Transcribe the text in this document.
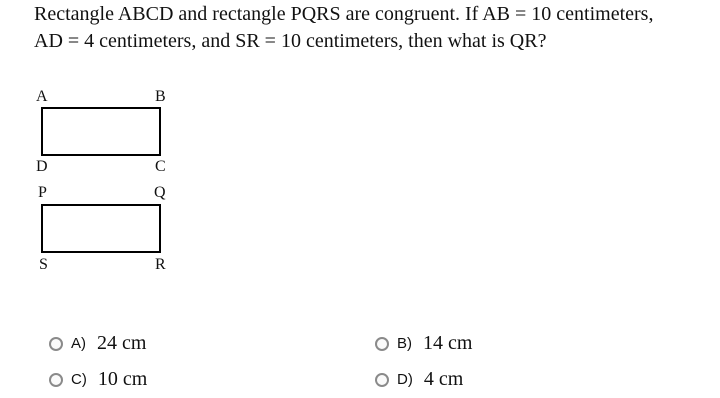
Rectangle ABCD and rectangle PQRS are congruent. If AB = 10 centimeters, AD = 4 centimeters, and SR = 10 centimeters, then what is QR?
A	B
D	C
P	Q
S	R
A) 24 cm	B) 14 cm
C) 10 cm	D) 4 cm
